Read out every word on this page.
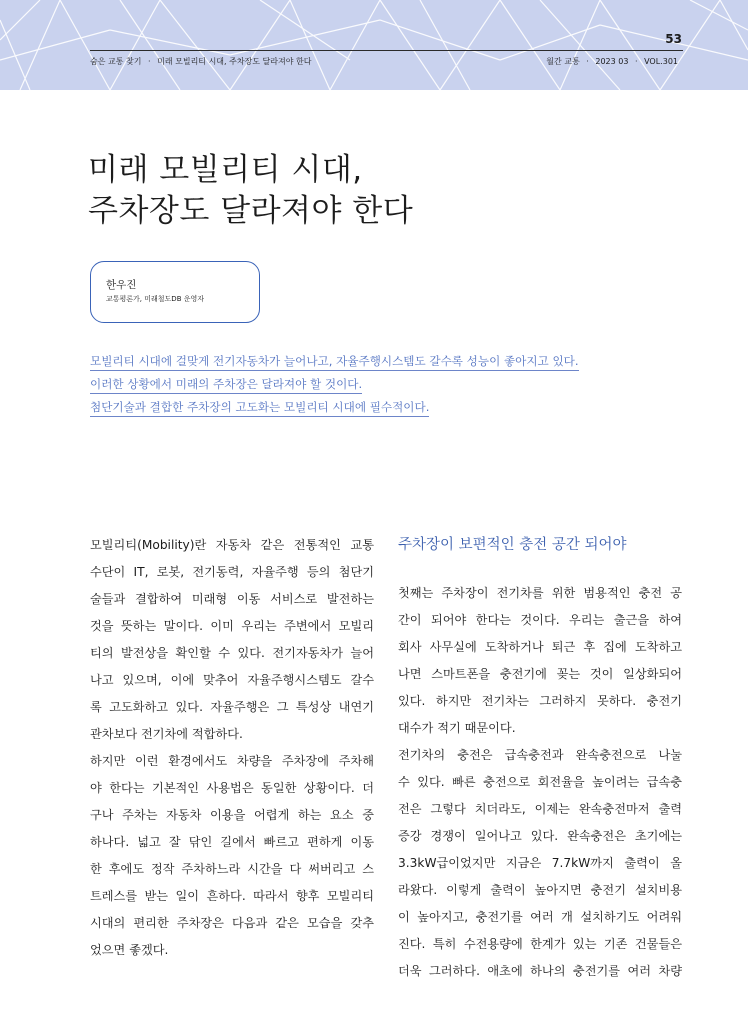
53
숨은 교통 찾기 · 미래 모빌리티 시대, 주차장도 달라져야 한다	월간 교통 · 2023 03 · VOL.301
미래 모빌리티 시대,
주차장도 달라져야 한다
한우진
교통평론가, 미래철도DB 운영자
모빌리티 시대에 걸맞게 전기자동차가 늘어나고, 자율주행시스템도 갈수록 성능이 좋아지고 있다.
이러한 상황에서 미래의 주차장은 달라져야 할 것이다.
첨단기술과 결합한 주차장의 고도화는 모빌리티 시대에 필수적이다.
모빌리티(Mobility)란 자동차 같은 전통적인 교통
수단이 IT, 로봇, 전기동력, 자율주행 등의 첨단기
술들과 결합하여 미래형 이동 서비스로 발전하는
것을 뜻하는 말이다. 이미 우리는 주변에서 모빌리
티의 발전상을 확인할 수 있다. 전기자동차가 늘어
나고 있으며, 이에 맞추어 자율주행시스템도 갈수
록 고도화하고 있다. 자율주행은 그 특성상 내연기
관차보다 전기차에 적합하다.
하지만 이런 환경에서도 차량을 주차장에 주차해
야 한다는 기본적인 사용법은 동일한 상황이다. 더
구나 주차는 자동차 이용을 어렵게 하는 요소 중
하나다. 넓고 잘 닦인 길에서 빠르고 편하게 이동
한 후에도 정작 주차하느라 시간을 다 써버리고 스
트레스를 받는 일이 흔하다. 따라서 향후 모빌리티
시대의 편리한 주차장은 다음과 같은 모습을 갖추
었으면 좋겠다.
주차장이 보편적인 충전 공간 되어야
첫째는 주차장이 전기차를 위한 범용적인 충전 공
간이 되어야 한다는 것이다. 우리는 출근을 하여
회사 사무실에 도착하거나 퇴근 후 집에 도착하고
나면 스마트폰을 충전기에 꽂는 것이 일상화되어
있다. 하지만 전기차는 그러하지 못하다. 충전기
대수가 적기 때문이다.
전기차의 충전은 급속충전과 완속충전으로 나눌
수 있다. 빠른 충전으로 회전율을 높이려는 급속충
전은 그렇다 치더라도, 이제는 완속충전마저 출력
증강 경쟁이 일어나고 있다. 완속충전은 초기에는
3.3kW급이었지만 지금은 7.7kW까지 출력이 올
라왔다. 이렇게 출력이 높아지면 충전기 설치비용
이 높아지고, 충전기를 여러 개 설치하기도 어려워
진다. 특히 수전용량에 한계가 있는 기존 건물들은
더욱 그러하다. 애초에 하나의 충전기를 여러 차량
